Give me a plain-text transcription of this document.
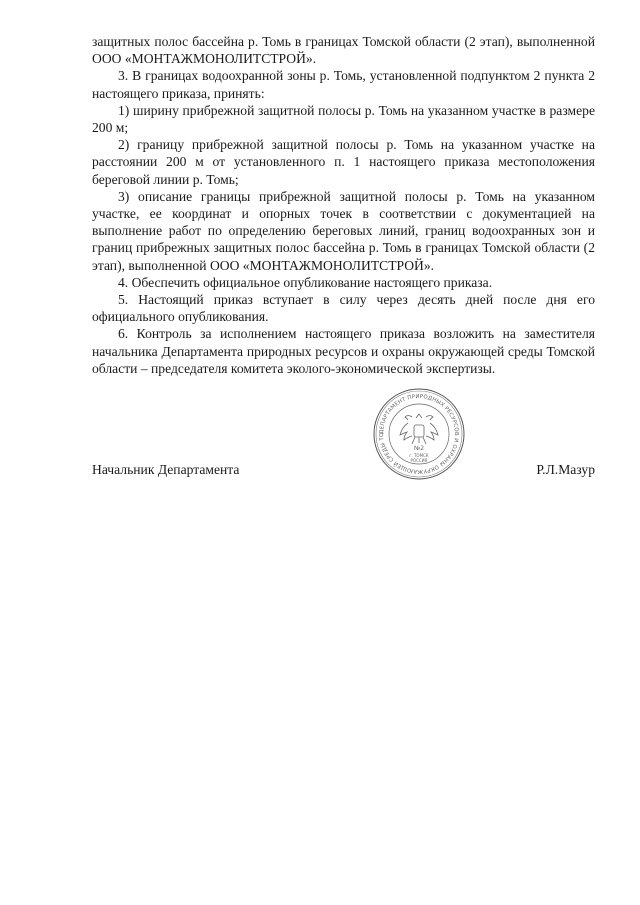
защитных полос бассейна р. Томь в границах Томской области (2 этап), выполненной ООО «МОНТАЖМОНОЛИТСТРОЙ».

3. В границах водоохранной зоны р. Томь, установленной подпунктом 2 пункта 2 настоящего приказа, принять:

1) ширину прибрежной защитной полосы р. Томь на указанном участке в размере 200 м;

2) границу прибрежной защитной полосы р. Томь на указанном участке на расстоянии 200 м от установленного п. 1 настоящего приказа местоположения береговой линии р. Томь;

3) описание границы прибрежной защитной полосы р. Томь на указанном участке, ее координат и опорных точек в соответствии с документацией на выполнение работ по определению береговых линий, границ водоохранных зон и границ прибрежных защитных полос бассейна р. Томь в границах Томской области (2 этап), выполненной ООО «МОНТАЖМОНОЛИТСТРОЙ».

4. Обеспечить официальное опубликование настоящего приказа.

5. Настоящий приказ вступает в силу через десять дней после дня его официального опубликования.

6. Контроль за исполнением настоящего приказа возложить на заместителя начальника Департамента природных ресурсов и охраны окружающей среды Томской области – председателя комитета эколого-экономической экспертизы.

ДЕПАРТАМЕНТ ПРИРОДНЫХ РЕСУРСОВ И ОХРАНЫ ОКРУЖАЮЩЕЙ СРЕДЫ ТО
№2
г. ТОМСК
РОССИЯ
Начальник Департамента	Р.Л.Мазур
